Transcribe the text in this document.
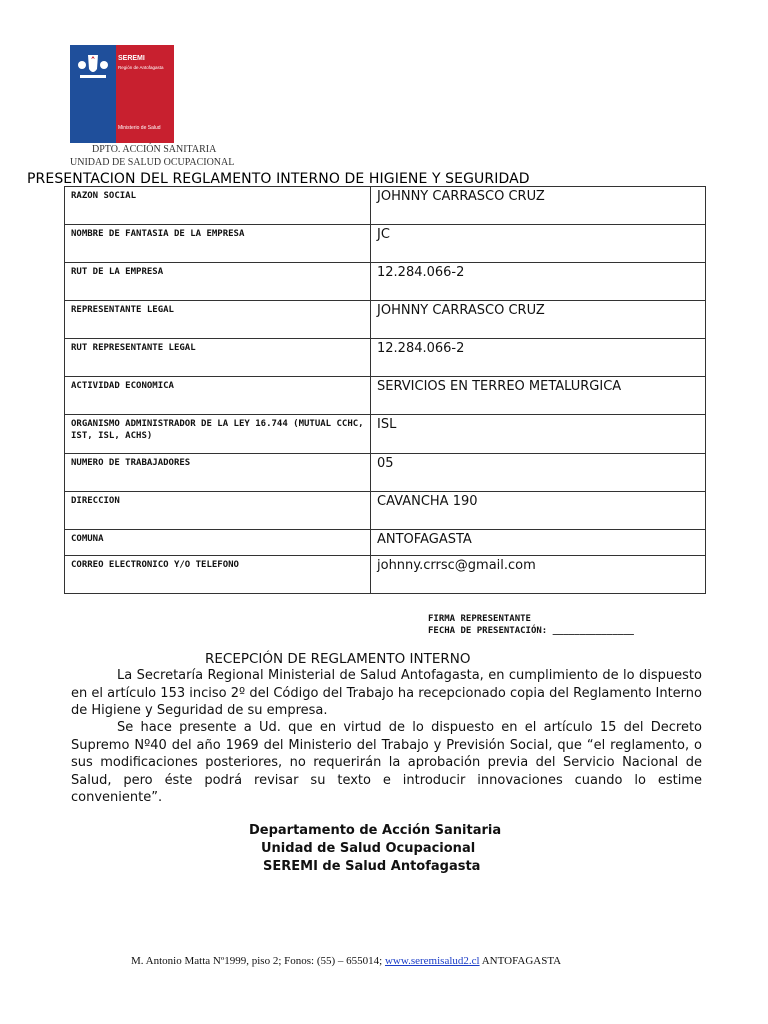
SEREMI
Región de Antofagasta
Ministerio de Salud
DPTO. ACCIÓN SANITARIA
UNIDAD DE SALUD OCUPACIONAL
PRESENTACION DEL REGLAMENTO INTERNO DE HIGIENE Y SEGURIDAD
RAZON SOCIAL	JOHNNY CARRASCO CRUZ
NOMBRE DE FANTASIA DE LA EMPRESA	JC
RUT DE LA EMPRESA	12.284.066-2
REPRESENTANTE LEGAL	JOHNNY CARRASCO CRUZ
RUT REPRESENTANTE LEGAL	12.284.066-2
ACTIVIDAD ECONOMICA	SERVICIOS EN TERREO METALURGICA
ORGANISMO ADMINISTRADOR DE LA LEY 16.744 (MUTUAL CCHC, IST, ISL, ACHS)	ISL
NUMERO DE TRABAJADORES	05
DIRECCION	CAVANCHA 190
COMUNA	ANTOFAGASTA
CORREO ELECTRONICO Y/O TELEFONO	johnny.crrsc@gmail.com
FIRMA REPRESENTANTE
FECHA DE PRESENTACIÓN: _______________
RECEPCIÓN DE REGLAMENTO INTERNO
La Secretaría Regional Ministerial de Salud Antofagasta, en cumplimiento de lo dispuesto en el artículo 153 inciso 2º del Código del Trabajo ha recepcionado copia del Reglamento Interno de Higiene y Seguridad de su empresa.
Se hace presente a Ud. que en virtud de lo dispuesto en el artículo 15 del Decreto Supremo Nº40 del año 1969 del Ministerio del Trabajo y Previsión Social, que “el reglamento, o sus modificaciones posteriores, no requerirán la aprobación previa del Servicio Nacional de Salud, pero éste podrá revisar su texto e introducir innovaciones cuando lo estime conveniente”.
Departamento de Acción Sanitaria
Unidad de Salud Ocupacional
SEREMI de Salud Antofagasta
M. Antonio Matta Nº1999, piso 2; Fonos: (55) – 655014; www.seremisalud2.cl ANTOFAGASTA
